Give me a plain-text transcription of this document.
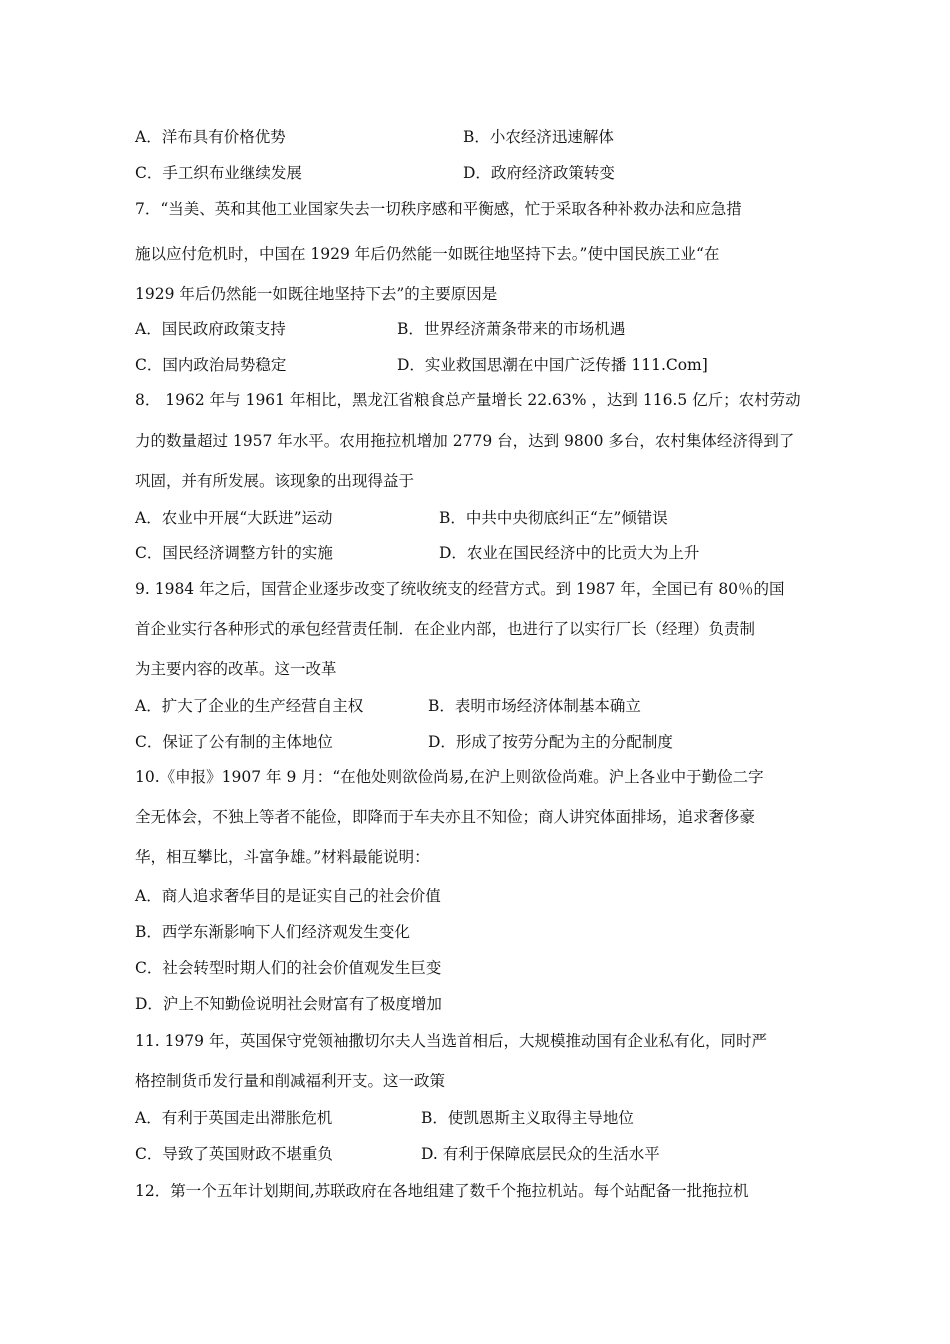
A．洋布具有价格优势	B．小农经济迅速解体
C．手工织布业继续发展	D．政府经济政策转变
7．“当美、英和其他工业国家失去一切秩序感和平衡感，忙于采取各种补救办法和应急措
施以应付危机时，中国在 1929 年后仍然能一如既往地坚持下去。”使中国民族工业“在
1929 年后仍然能一如既往地坚持下去”的主要原因是
A．国民政府政策支持	B．世界经济萧条带来的市场机遇
C．国内政治局势稳定	D．实业救国思潮在中国广泛传播 111.Com]
8． 1962 年与 1961 年相比，黑龙江省粮食总产量增长 22.63% ，达到 116.5 亿斤；农村劳动
力的数量超过 1957 年水平。农用拖拉机增加 2779 台，达到 9800 多台，农村集体经济得到了
巩固，并有所发展。该现象的出现得益于
A．农业中开展“大跃进”运动	B．中共中央彻底纠正“左”倾错误
C．国民经济调整方针的实施	D．农业在国民经济中的比贡大为上升
9. 1984 年之后，国营企业逐步改变了统收统支的经营方式。到 1987 年，全国已有 80％的国
首企业实行各种形式的承包经营责任制．在企业内部，也进行了以实行厂长（经理）负责制
为主要内容的改革。这一改革
A．扩大了企业的生产经营自主权	B．表明市场经济体制基本确立
C．保证了公有制的主体地位	D．形成了按劳分配为主的分配制度
10.《申报》1907 年 9 月：“在他处则欲俭尚易,在沪上则欲俭尚难。沪上各业中于勤俭二字
全无体会，不独上等者不能俭，即降而于车夫亦且不知俭；商人讲究体面排场，追求奢侈豪
华，相互攀比，斗富争雄。”材料最能说明：
A．商人追求奢华目的是证实自己的社会价值
B．西学东渐影响下人们经济观发生变化
C．社会转型时期人们的社会价值观发生巨变
D．沪上不知勤俭说明社会财富有了极度增加
11. 1979 年，英国保守党领袖撒切尔夫人当选首相后，大规模推动国有企业私有化，同时严
格控制货币发行量和削减福利开支。这一政策
A．有利于英国走出滞胀危机	B．使凯恩斯主义取得主导地位
C．导致了英国财政不堪重负	D. 有利于保障底层民众的生活水平
12．第一个五年计划期间,苏联政府在各地组建了数千个拖拉机站。每个站配备一批拖拉机
